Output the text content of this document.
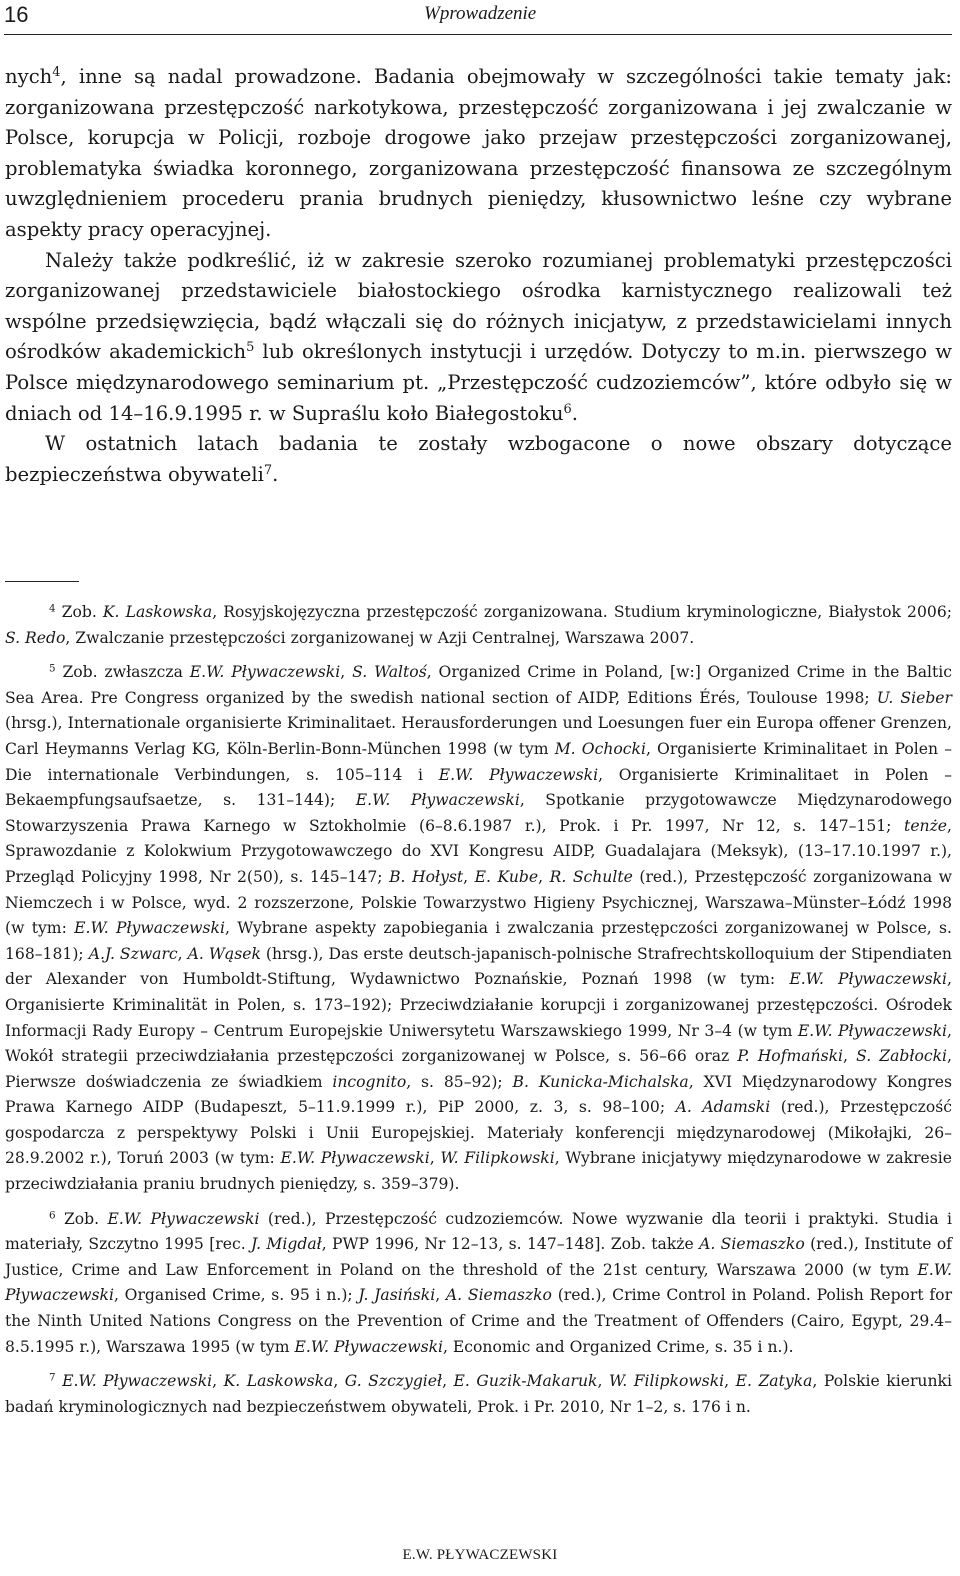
16	Wprowadzenie

nych$^4$, inne są nadal prowadzone. Badania obejmowały w szczególności takie tematy jak: zorganizowana przestępczość narkotykowa, przestępczość zorganizowana i jej zwalczanie w Polsce, korupcja w Policji, rozboje drogowe jako przejaw przestępczości zorganizowanej, problematyka świadka koronnego, zorganizowana przestępczość finansowa ze szczególnym uwzględnieniem procederu prania brudnych pieniędzy, kłusownictwo leśne czy wybrane aspekty pracy operacyjnej.

Należy także podkreślić, iż w zakresie szeroko rozumianej problematyki przestępczości zorganizowanej przedstawiciele białostockiego ośrodka karnistycznego realizowali też wspólne przedsięwzięcia, bądź włączali się do różnych inicjatyw, z przedstawicielami innych ośrodków akademickich$^5$ lub określonych instytucji i urzędów. Dotyczy to m.in. pierwszego w Polsce międzynarodowego seminarium pt. „Przestępczość cudzoziemców”, które odbyło się w dniach od 14–16.9.1995 r. w Supraślu koło Białegostoku$^6$.

W ostatnich latach badania te zostały wzbogacone o nowe obszary dotyczące bezpieczeństwa obywateli$^7$.

$^4$ Zob. K. Laskowska, Rosyjskojęzyczna przestępczość zorganizowana. Studium kryminologiczne, Białystok 2006; S. Redo, Zwalczanie przestępczości zorganizowanej w Azji Centralnej, Warszawa 2007.

$^5$ Zob. zwłaszcza E.W. Pływaczewski, S. Waltoś, Organized Crime in Poland, [w:] Organized Crime in the Baltic Sea Area. Pre Congress organized by the swedish national section of AIDP, Editions Érés, Toulouse 1998; U. Sieber (hrsg.), Internationale organisierte Kriminalitaet. Herausforderungen und Loesungen fuer ein Europa offener Grenzen, Carl Heymanns Verlag KG, Köln-Berlin-Bonn-München 1998 (w tym M. Ochocki, Organisierte Kriminalitaet in Polen – Die internationale Verbindungen, s. 105–114 i E.W. Pływaczewski, Organisierte Kriminalitaet in Polen – Bekaempfungsaufsaetze, s. 131–144); E.W. Pływaczewski, Spotkanie przygotowawcze Międzynarodowego Stowarzyszenia Prawa Karnego w Sztokholmie (6–8.6.1987 r.), Prok. i Pr. 1997, Nr 12, s. 147–151; tenże, Sprawozdanie z Kolokwium Przygotowawczego do XVI Kongresu AIDP, Guadalajara (Meksyk), (13–17.10.1997 r.), Przegląd Policyjny 1998, Nr 2(50), s. 145–147; B. Hołyst, E. Kube, R. Schulte (red.), Przestępczość zorganizowana w Niemczech i w Polsce, wyd. 2 rozszerzone, Polskie Towarzystwo Higieny Psychicznej, Warszawa–Münster–Łódź 1998 (w tym: E.W. Pływaczewski, Wybrane aspekty zapobiegania i zwalczania przestępczości zorganizowanej w Polsce, s. 168–181); A.J. Szwarc, A. Wąsek (hrsg.), Das erste deutsch-japanisch-polnische Strafrechtskolloquium der Stipendiaten der Alexander von Humboldt-Stiftung, Wydawnictwo Poznańskie, Poznań 1998 (w tym: E.W. Pływaczewski, Organisierte Kriminalität in Polen, s. 173–192); Przeciwdziałanie korupcji i zorganizowanej przestępczości. Ośrodek Informacji Rady Europy – Centrum Europejskie Uniwersytetu Warszawskiego 1999, Nr 3–4 (w tym E.W. Pływaczewski, Wokół strategii przeciwdziałania przestępczości zorganizowanej w Polsce, s. 56–66 oraz P. Hofmański, S. Zabłocki, Pierwsze doświadczenia ze świadkiem incognito, s. 85–92); B. Kunicka-Michalska, XVI Międzynarodowy Kongres Prawa Karnego AIDP (Budapeszt, 5–11.9.1999 r.), PiP 2000, z. 3, s. 98–100; A. Adamski (red.), Przestępczość gospodarcza z perspektywy Polski i Unii Europejskiej. Materiały konferencji międzynarodowej (Mikołajki, 26–28.9.2002 r.), Toruń 2003 (w tym: E.W. Pływaczewski, W. Filipkowski, Wybrane inicjatywy międzynarodowe w zakresie przeciwdziałania praniu brudnych pieniędzy, s. 359–379).

$^6$ Zob. E.W. Pływaczewski (red.), Przestępczość cudzoziemców. Nowe wyzwanie dla teorii i praktyki. Studia i materiały, Szczytno 1995 [rec. J. Migdał, PWP 1996, Nr 12–13, s. 147–148]. Zob. także A. Siemaszko (red.), Institute of Justice, Crime and Law Enforcement in Poland on the threshold of the 21st century, Warszawa 2000 (w tym E.W. Pływaczewski, Organised Crime, s. 95 i n.); J. Jasiński, A. Siemaszko (red.), Crime Control in Poland. Polish Report for the Ninth United Nations Congress on the Prevention of Crime and the Treatment of Offenders (Cairo, Egypt, 29.4–8.5.1995 r.), Warszawa 1995 (w tym E.W. Pływaczewski, Economic and Organized Crime, s. 35 i n.).

$^7$ E.W. Pływaczewski, K. Laskowska, G. Szczygieł, E. Guzik-Makaruk, W. Filipkowski, E. Zatyka, Polskie kierunki badań kryminologicznych nad bezpieczeństwem obywateli, Prok. i Pr. 2010, Nr 1–2, s. 176 i n.

E.W. PŁYWACZEWSKI
